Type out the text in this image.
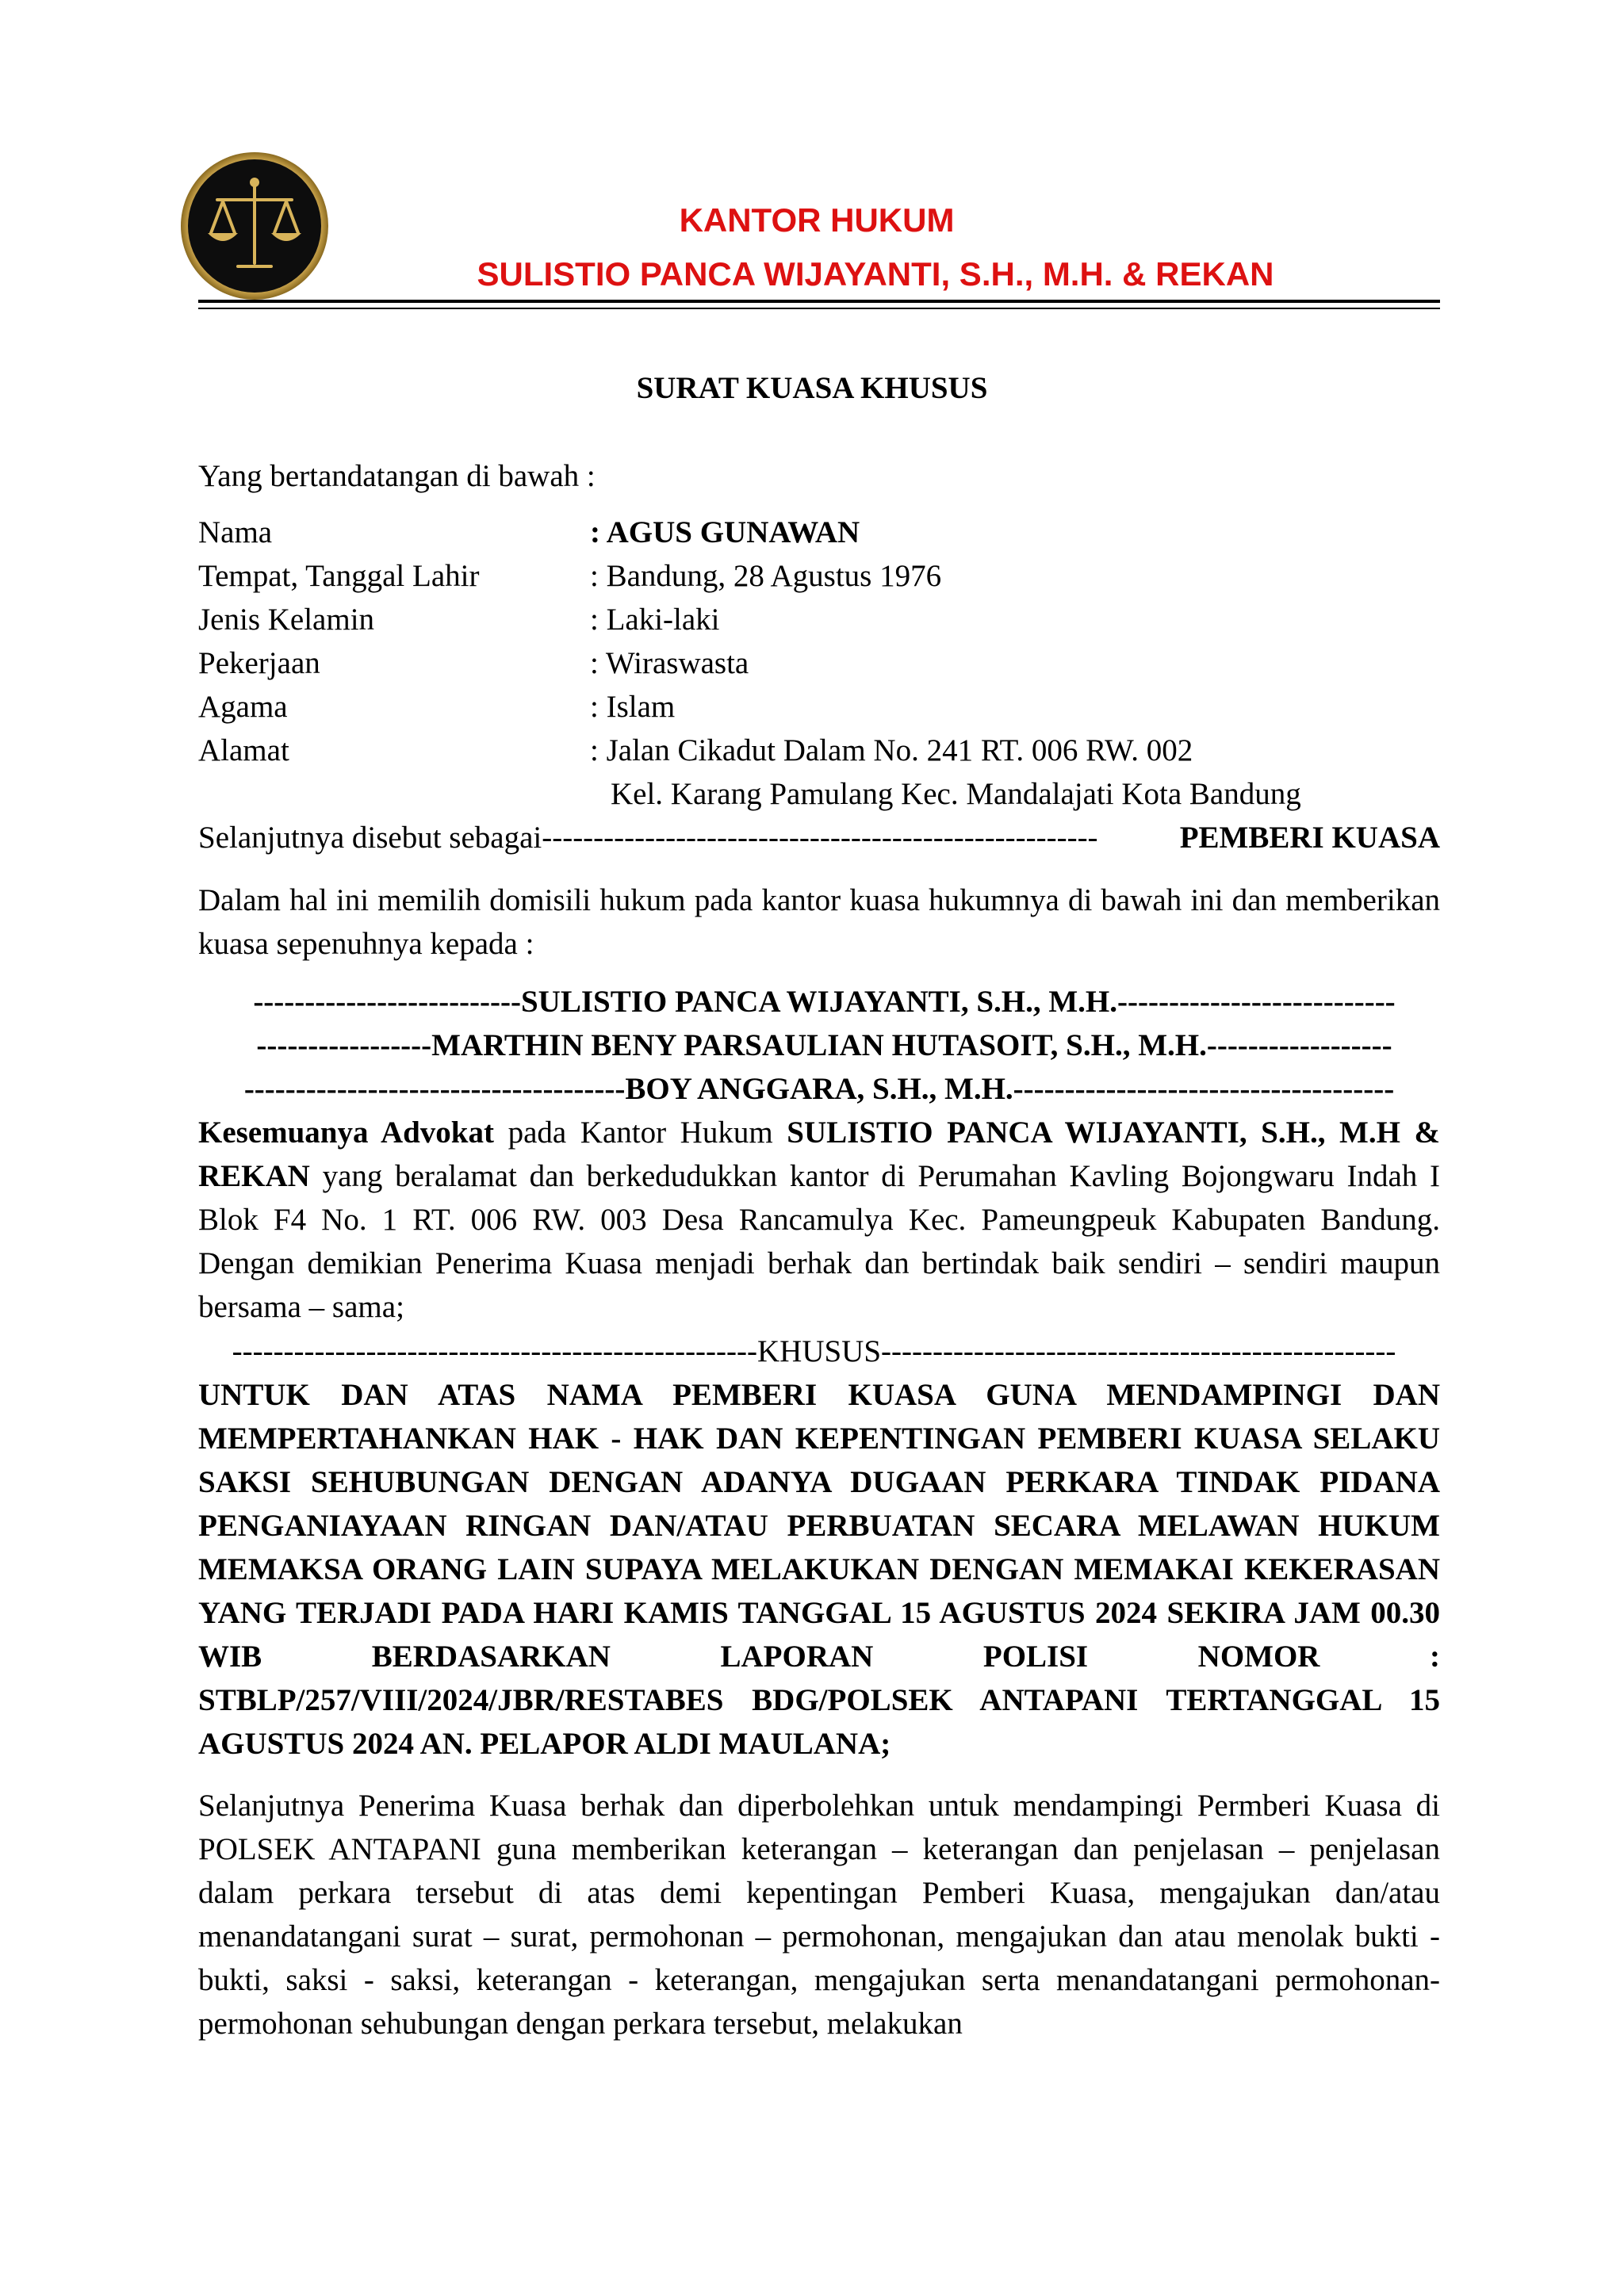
KANTOR HUKUM
SULISTIO PANCA WIJAYANTI, S.H., M.H. & REKAN
SURAT KUASA KHUSUS
Yang bertandatangan di bawah :
Nama	: AGUS GUNAWAN
Tempat, Tanggal Lahir	: Bandung, 28 Agustus 1976
Jenis Kelamin	: Laki-laki
Pekerjaan	: Wiraswasta
Agama	: Islam
Alamat	: Jalan Cikadut Dalam No. 241 RT. 006 RW. 002
Kel. Karang Pamulang Kec. Mandalajati Kota Bandung
Selanjutnya disebut sebagai ------------------------------------------------------	PEMBERI KUASA
Dalam hal ini memilih domisili hukum pada kantor kuasa hukumnya di bawah ini dan memberikan kuasa sepenuhnya kepada :
-------------------------- SULISTIO PANCA WIJAYANTI, S.H., M.H. ---------------------------
----------------- MARTHIN BENY PARSAULIAN HUTASOIT, S.H., M.H. ------------------
------------------------------------- BOY ANGGARA, S.H., M.H. -------------------------------------
Kesemuanya Advokat pada Kantor Hukum SULISTIO PANCA WIJAYANTI, S.H., M.H & REKAN yang beralamat dan berkedudukkan kantor di Perumahan Kavling Bojongwaru Indah I Blok F4 No. 1 RT. 006 RW. 003 Desa Rancamulya Kec. Pameungpeuk Kabupaten Bandung. Dengan demikian Penerima Kuasa menjadi berhak dan bertindak baik sendiri – sendiri maupun bersama – sama;
--------------------------------------------------- KHUSUS --------------------------------------------------
UNTUK DAN ATAS NAMA PEMBERI KUASA GUNA MENDAMPINGI DAN MEMPERTAHANKAN HAK - HAK DAN KEPENTINGAN PEMBERI KUASA SELAKU SAKSI SEHUBUNGAN DENGAN ADANYA DUGAAN PERKARA TINDAK PIDANA PENGANIAYAAN RINGAN DAN/ATAU PERBUATAN SECARA MELAWAN HUKUM MEMAKSA ORANG LAIN SUPAYA MELAKUKAN DENGAN MEMAKAI KEKERASAN YANG TERJADI PADA HARI KAMIS TANGGAL 15 AGUSTUS 2024 SEKIRA JAM 00.30 WIB BERDASARKAN LAPORAN POLISI NOMOR : STBLP/257/VIII/2024/JBR/RESTABES BDG/POLSEK ANTAPANI TERTANGGAL 15 AGUSTUS 2024 AN. PELAPOR ALDI MAULANA;
Selanjutnya Penerima Kuasa berhak dan diperbolehkan untuk mendampingi Permberi Kuasa di POLSEK ANTAPANI guna memberikan keterangan – keterangan dan penjelasan – penjelasan dalam perkara tersebut di atas demi kepentingan Pemberi Kuasa, mengajukan dan/atau menandatangani surat – surat, permohonan – permohonan, mengajukan dan atau menolak bukti - bukti, saksi - saksi, keterangan - keterangan, mengajukan serta menandatangani permohonan-permohonan sehubungan dengan perkara tersebut, melakukan
